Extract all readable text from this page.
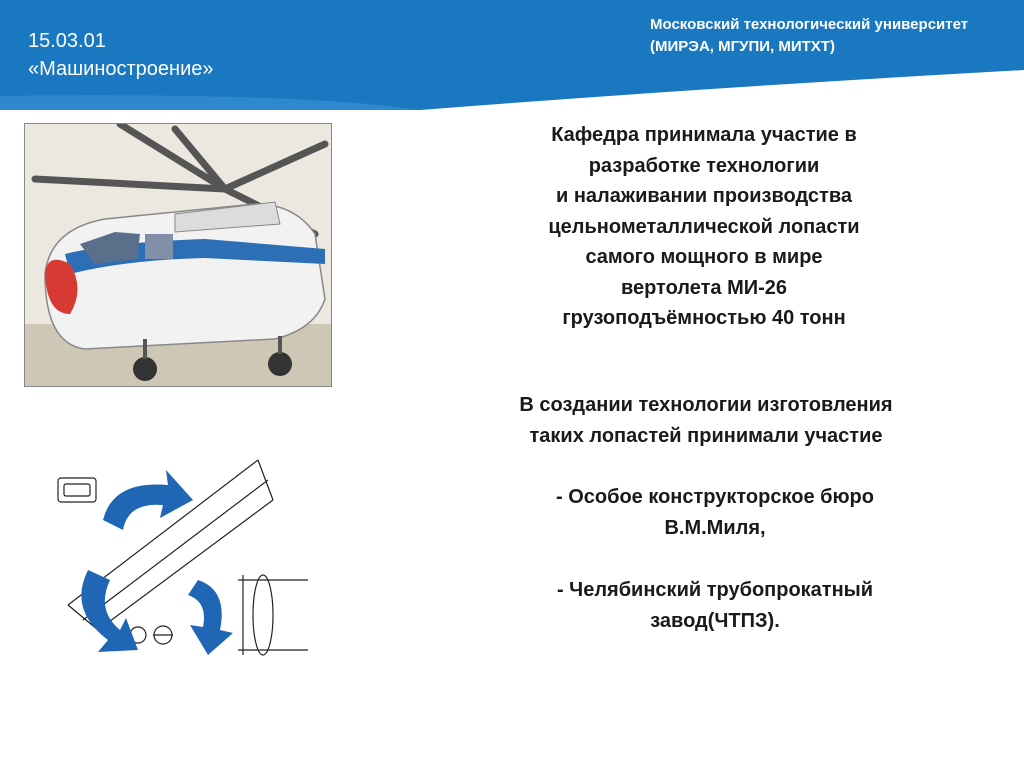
15.03.01
«Машиностроение»
Московский технологический университет
(МИРЭА, МГУПИ, МИТХТ)
Кафедра принимала участие в
разработке технологии
и налаживании производства
цельнометаллической лопасти
самого мощного в мире
вертолета МИ-26
грузоподъёмностью 40 тонн
В создании технологии изготовления
таких лопастей принимали участие
- Особое конструкторское бюро
В.М.Миля,
- Челябинский трубопрокатный
завод(ЧТПЗ).
